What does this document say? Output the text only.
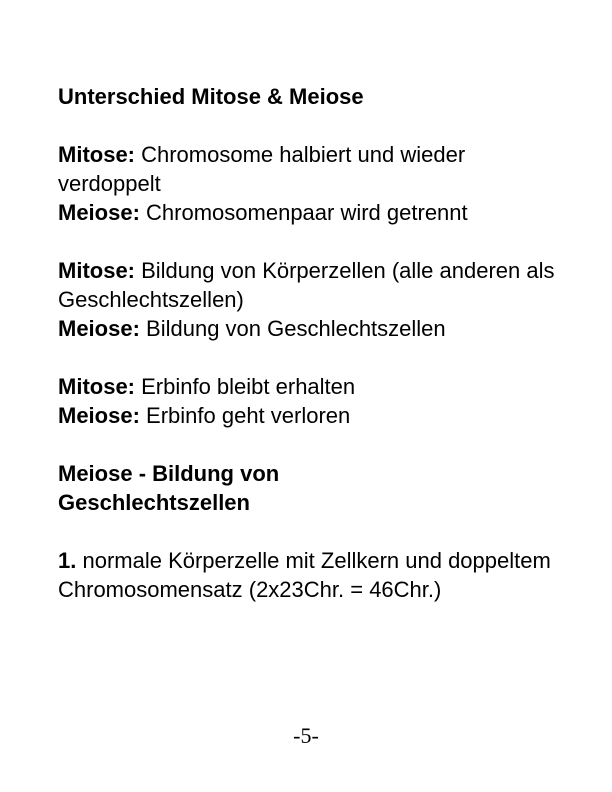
Unterschied Mitose & Meiose

Mitose: Chromosome halbiert und wieder verdoppelt
Meiose: Chromosomenpaar wird getrennt
Mitose: Bildung von Körperzellen (alle anderen als Geschlechtszellen)
Meiose: Bildung von Geschlechtszellen
Mitose: Erbinfo bleibt erhalten
Meiose: Erbinfo geht verloren

Meiose - Bildung von Geschlechtszellen

1. normale Körperzelle mit Zellkern und doppeltem Chromosomensatz (2x23Chr. = 46Chr.)
-5-
